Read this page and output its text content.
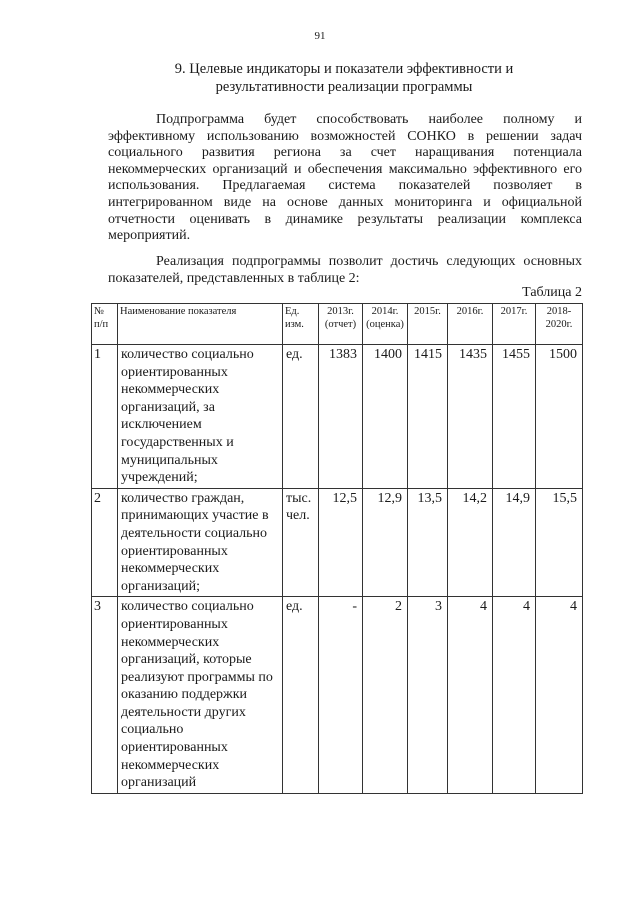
91
9. Целевые индикаторы и показатели эффективности и
результативности реализации программы
Подпрограмма будет способствовать наиболее полному и
эффективному использованию возможностей СОНКО в решении задач
социального развития региона за счет наращивания потенциала
некоммерческих организаций и обеспечения максимально эффективного его
использования. Предлагаемая система показателей позволяет в
интегрированном виде на основе данных мониторинга и официальной
отчетности оценивать в динамике результаты реализации комплекса
мероприятий.
Реализация подпрограммы позволит достичь следующих основных
показателей, представленных в таблице 2:
Таблица 2
№ п/п	Наименование показателя	Ед. изм.	2013г. (отчет)	2014г. (оценка)	2015г.	2016г.	2017г.	2018-2020г.
1	количество социально ориентированных некоммерческих организаций, за исключением государственных и муниципальных учреждений;	ед.	1383	1400	1415	1435	1455	1500
2	количество граждан, принимающих участие в деятельности социально ориентированных некоммерческих организаций;	тыс. чел.	12,5	12,9	13,5	14,2	14,9	15,5
3	количество социально ориентированных некоммерческих организаций, которые реализуют программы по оказанию поддержки деятельности других социально ориентированных некоммерческих организаций	ед.	-	2	3	4	4	4
